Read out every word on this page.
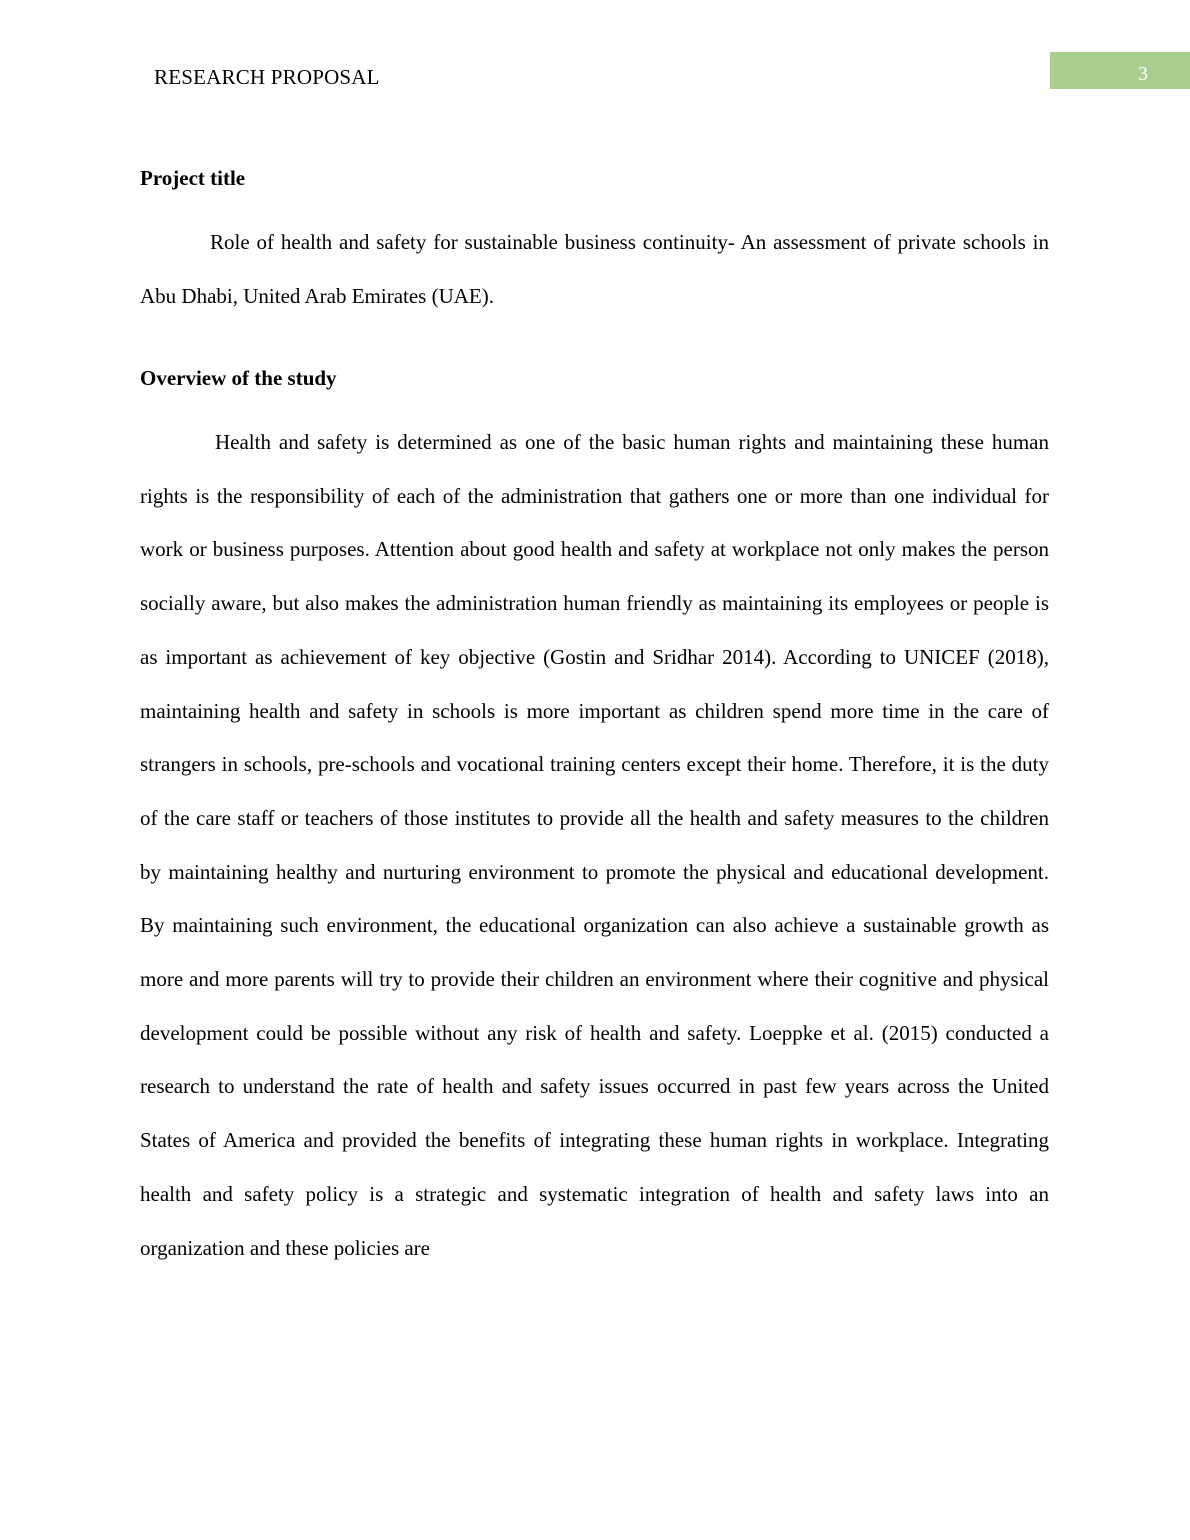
RESEARCH PROPOSAL	3
Project title

Role of health and safety for sustainable business continuity- An assessment of private schools in Abu Dhabi, United Arab Emirates (UAE).

Overview of the study

Health and safety is determined as one of the basic human rights and maintaining these human rights is the responsibility of each of the administration that gathers one or more than one individual for work or business purposes. Attention about good health and safety at workplace not only makes the person socially aware, but also makes the administration human friendly as maintaining its employees or people is as important as achievement of key objective (Gostin and Sridhar 2014). According to UNICEF (2018), maintaining health and safety in schools is more important as children spend more time in the care of strangers in schools, pre-schools and vocational training centers except their home. Therefore, it is the duty of the care staff or teachers of those institutes to provide all the health and safety measures to the children by maintaining healthy and nurturing environment to promote the physical and educational development. By maintaining such environment, the educational organization can also achieve a sustainable growth as more and more parents will try to provide their children an environment where their cognitive and physical development could be possible without any risk of health and safety. Loeppke et al. (2015) conducted a research to understand the rate of health and safety issues occurred in past few years across the United States of America and provided the benefits of integrating these human rights in workplace. Integrating health and safety policy is a strategic and systematic integration of health and safety laws into an organization and these policies are
